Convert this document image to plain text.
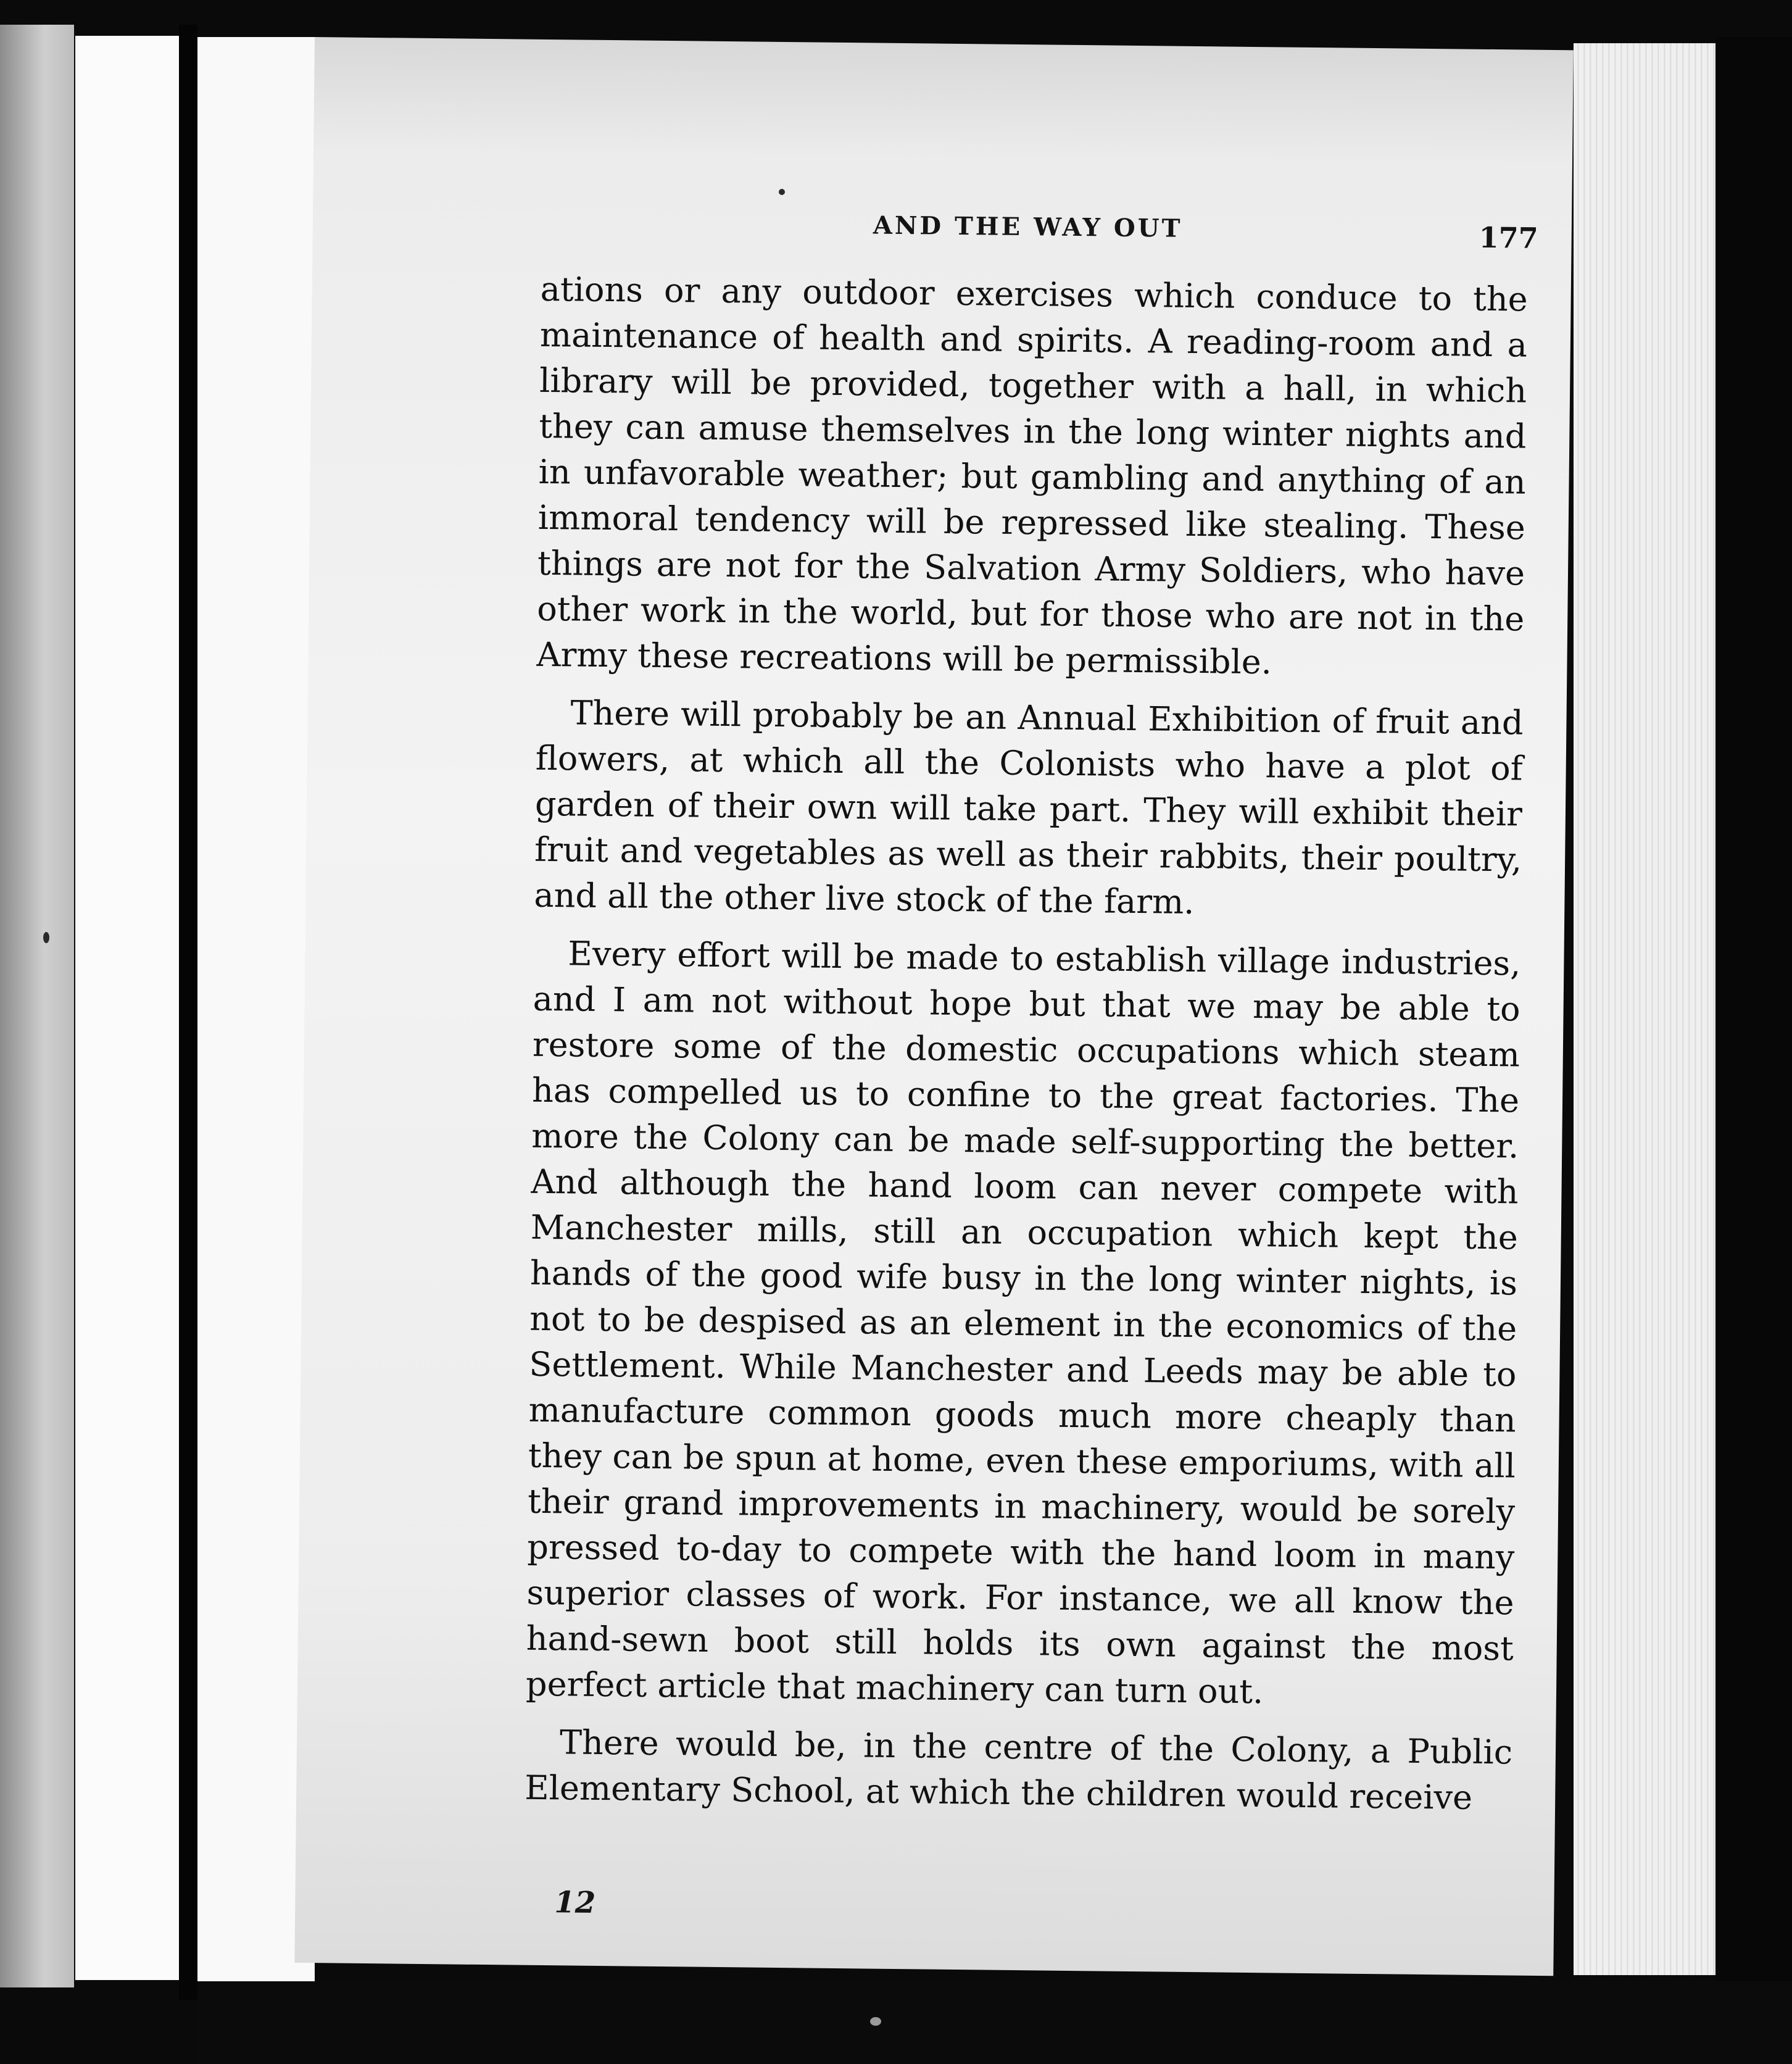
AND THE WAY OUT	177

ations or any outdoor exercises which conduce to the maintenance of health and spirits. A reading-room and a library will be provided, together with a hall, in which they can amuse themselves in the long winter nights and in unfavorable weather; but gambling and anything of an immoral tendency will be repressed like stealing. These things are not for the Salvation Army Soldiers, who have other work in the world, but for those who are not in the Army these recreations will be permissible.

There will probably be an Annual Exhibition of fruit and flowers, at which all the Colonists who have a plot of garden of their own will take part. They will exhibit their fruit and vegetables as well as their rabbits, their poultry, and all the other live stock of the farm.

Every effort will be made to establish village industries, and I am not without hope but that we may be able to restore some of the domestic occupations which steam has compelled us to confine to the great factories. The more the Colony can be made self-supporting the better. And although the hand loom can never compete with Manchester mills, still an occupation which kept the hands of the good wife busy in the long winter nights, is not to be despised as an element in the economics of the Settlement. While Manchester and Leeds may be able to manufacture common goods much more cheaply than they can be spun at home, even these emporiums, with all their grand improvements in machinery, would be sorely pressed to-day to compete with the hand loom in many superior classes of work. For instance, we all know the hand-sewn boot still holds its own against the most perfect article that machinery can turn out.

There would be, in the centre of the Colony, a Public Elementary School, at which the children would receive

12
